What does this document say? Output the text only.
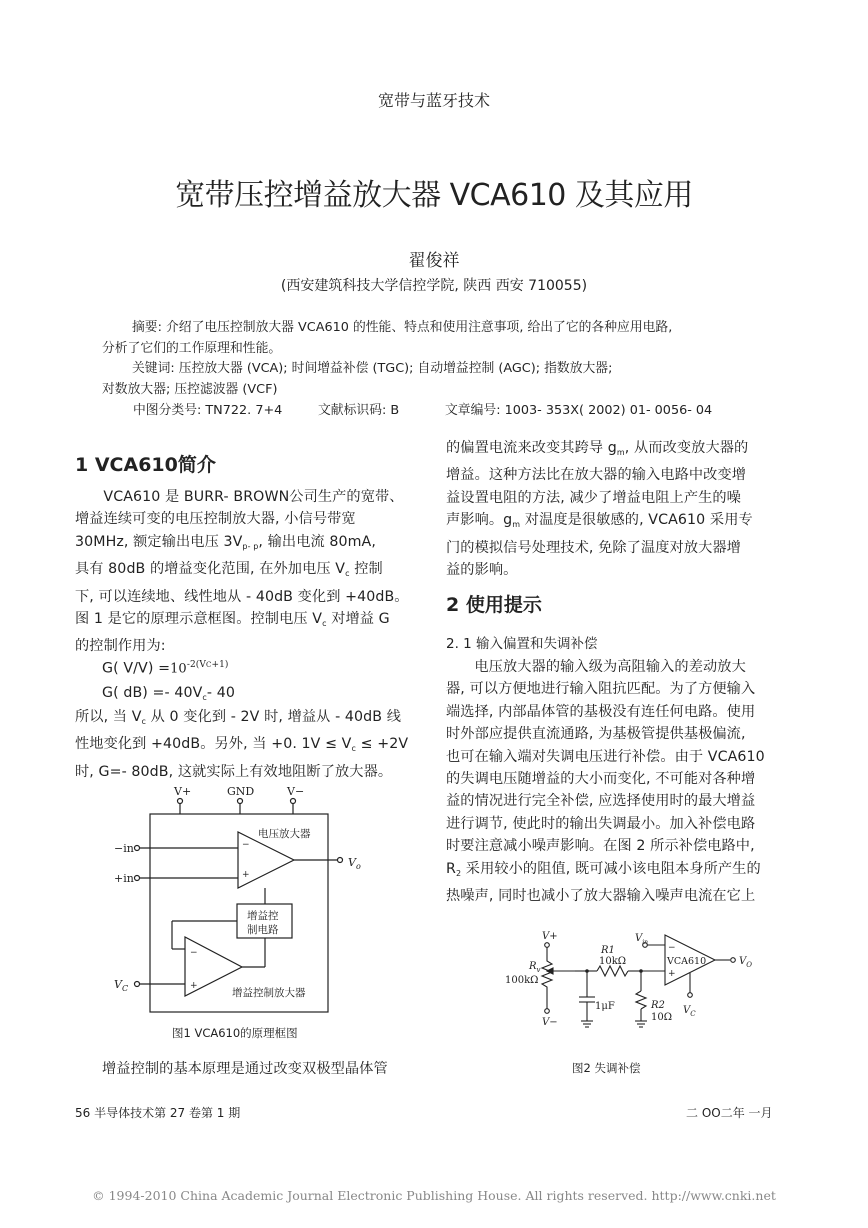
宽带与蓝牙技术
宽带压控增益放大器 VCA610 及其应用
翟俊祥
(西安建筑科技大学信控学院, 陕西 西安 710055)
摘要: 介绍了电压控制放大器 VCA610 的性能、特点和使用注意事项, 给出了它的各种应用电路,
分析了它们的工作原理和性能。
关键词: 压控放大器 (VCA); 时间增益补偿 (TGC); 自动增益控制 (AGC); 指数放大器;
对数放大器; 压控滤波器 (VCF)
中图分类号: TN722. 7+4	文献标识码: B	文章编号: 1003- 353X( 2002) 01- 0056- 04
1 VCA610简介

VCA610 是 BURR- BROWN公司生产的宽带、

增益连续可变的电压控制放大器, 小信号带宽

30MHz, 额定输出电压 $3V_{p- p}$, 输出电流 80mA,

具有 80dB 的增益变化范围, 在外加电压 $V_c$ 控制

下, 可以连续地、线性地从 - 40dB 变化到 +40dB。

图 1 是它的原理示意框图。控制电压 $V_c$ 对增益 G

的控制作用为:

G( $V/V) =10^{-2(VC+1)}$
G( $dB) =- 40V_c-$ 40

所以, 当 $V_c$ 从 0 变化到 - 2V 时, 增益从 - 40dB 线

性地变化到 +40dB。另外, 当 +0. $1V \le V_c \le +2V$

时, G=- 80dB, 这就实际上有效地阻断了放大器。

V+	GND	V−
−in
+in
$V_o$
$V_C$
−
+
−
+
电压放大器
增益控
制电路
增益控制放大器
图1 VCA610的原理框图
增益控制的基本原理是通过改变双极型晶体管

的偏置电流来改变其跨导 $g_m$, 从而改变放大器的

增益。这种方法比在放大器的输入电路中改变增

益设置电阻的方法, 减少了增益电阻上产生的噪

声影响。$g_m$ 对温度是很敏感的, VCA610 采用专

门的模拟信号处理技术, 免除了温度对放大器增

益的影响。

2 使用提示
2. 1 输入偏置和失调补偿

电压放大器的输入级为高阻输入的差动放大

器, 可以方便地进行输入阻抗匹配。为了方便输入

端选择, 内部晶体管的基极没有连任何电路。使用

时外部应提供直流通路, 为基极管提供基极偏流,

也可在输入端对失调电压进行补偿。由于 VCA610

的失调电压随增益的大小而变化, 不可能对各种增

益的情况进行完全补偿, 应选择使用时的最大增益

进行调节, 使此时的输出失调最小。加入补偿电路

时要注意减小噪声影响。在图 2 所示补偿电路中,

$R_2$ 采用较小的阻值, 既可减小该电阻本身所产生的

热噪声, 同时也减小了放大器输入噪声电流在它上

V+
V−
$R_v$
100kΩ
R1
10kΩ
1μF	R2
10Ω
$V_{in}$
VCA610	$V_O$
$V_C$
−
+
图2 失调补偿
56 半导体技术第 27 卷第 1 期	二 OO二年 一月
© 1994-2010 China Academic Journal Electronic Publishing House. All rights reserved. http://www.cnki.net
